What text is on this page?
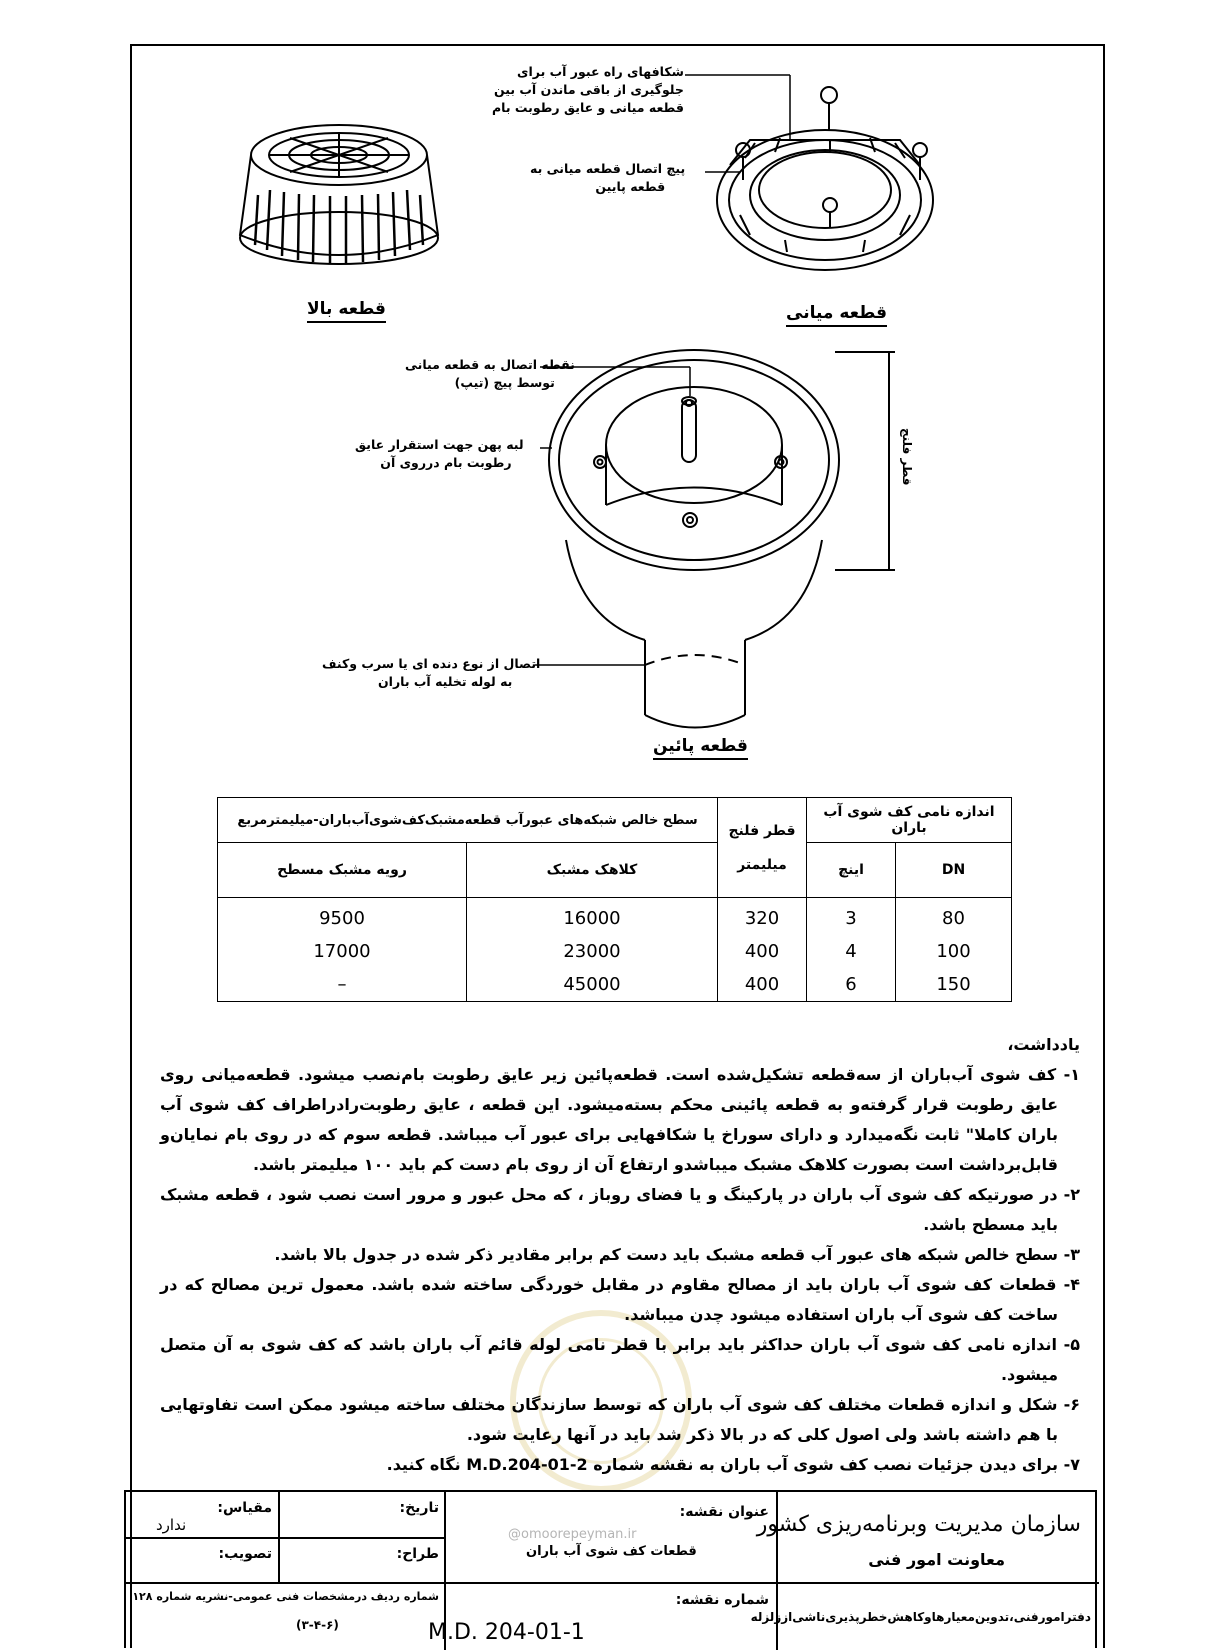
شکافهای راه عبور آب برای
جلوگیری از باقی ماندن آب بین
قطعه میانی و عایق رطوبت بام
پیچ اتصال قطعه میانی به
قطعه پایین
نقطه اتصال به قطعه میانی
توسط پیچ (تیپ)
لبه پهن جهت استقرار عایق
رطوبت بام درروی آن
اتصال از نوع دنده ای یا سرب وکنف
به لوله تخلیه آب باران
قطر فلنج
قطعه بالا	قطعه میانی
قطعه پائین
اندازه نامی کف شوی آب باران		قطر فلنج
میلیمتر	سطح خالص شبکه‌های عبورآب قطعه‌مشبک‌کف‌شوی‌آب‌باران-میلیمترمربع	
DN	اینچ		کلاهک مشبک	رویه مشبک مسطح
80	3	320	16000	9500
100	4	400	23000	17000
150	6	400	45000	–
یادداشت،

۱- کف شوی آب‌باران از سه‌قطعه تشکیل‌شده است. قطعه‌پائین زیر عایق رطوبت بام‌نصب میشود. قطعه‌میانی روی عایق رطوبت قرار گرفته‌و به قطعه پائینی محکم بسته‌میشود. این قطعه ، عایق رطوبت‌رادراطراف کف شوی آب باران کاملا" ثابت نگه‌میدارد و دارای سوراخ یا شکافهایی برای عبور آب میباشد. قطعه سوم که در روی بام نمایان‌و قابل‌برداشت است بصورت کلاهک مشبک میباشدو ارتفاع آن از روی بام دست کم باید ۱۰۰ میلیمتر باشد.

۲- در صورتیکه کف شوی آب باران در پارکینگ و یا فضای روباز ، که محل عبور و مرور است نصب شود ، قطعه مشبک باید مسطح باشد.

۳- سطح خالص شبکه های عبور آب قطعه مشبک باید دست کم برابر مقادیر ذکر شده در جدول بالا باشد.

۴- قطعات کف شوی آب باران باید از مصالح مقاوم در مقابل خوردگی ساخته شده باشد. معمول ترین مصالح که در ساخت کف شوی آب باران استفاده میشود چدن میباشد.

۵- اندازه نامی کف شوی آب باران حداکثر باید برابر با قطر نامی لوله قائم آب باران باشد که کف شوی به آن متصل میشود.

۶- شکل و اندازه قطعات مختلف کف شوی آب باران که توسط سازندگان مختلف ساخته میشود ممکن است تفاوتهایی با هم داشته باشد ولی اصول کلی که در بالا ذکر شد باید در آنها رعایت شود.

۷- برای دیدن جزئیات نصب کف شوی آب باران به نقشه شماره M.D.204-01-2 نگاه کنید.

سازمان مدیریت وبرنامه‌ریزی کشور
معاونت امور فنی
دفترامورفنی،تدوین‌معیارهاوکاهش‌خطرپذیری‌ناشی‌اززلزله
عنوان نقشه:
@omoorepeyman.ir
قطعات کف شوی آب باران
تاریخ:
طراح:
مقیاس:
ندارد
تصویب:
شماره نقشه:
M.D. 204-01-1
شماره ردیف درمشخصات فنی عمومی-نشریه شماره ۱۲۸
(۳-۴-۶)
